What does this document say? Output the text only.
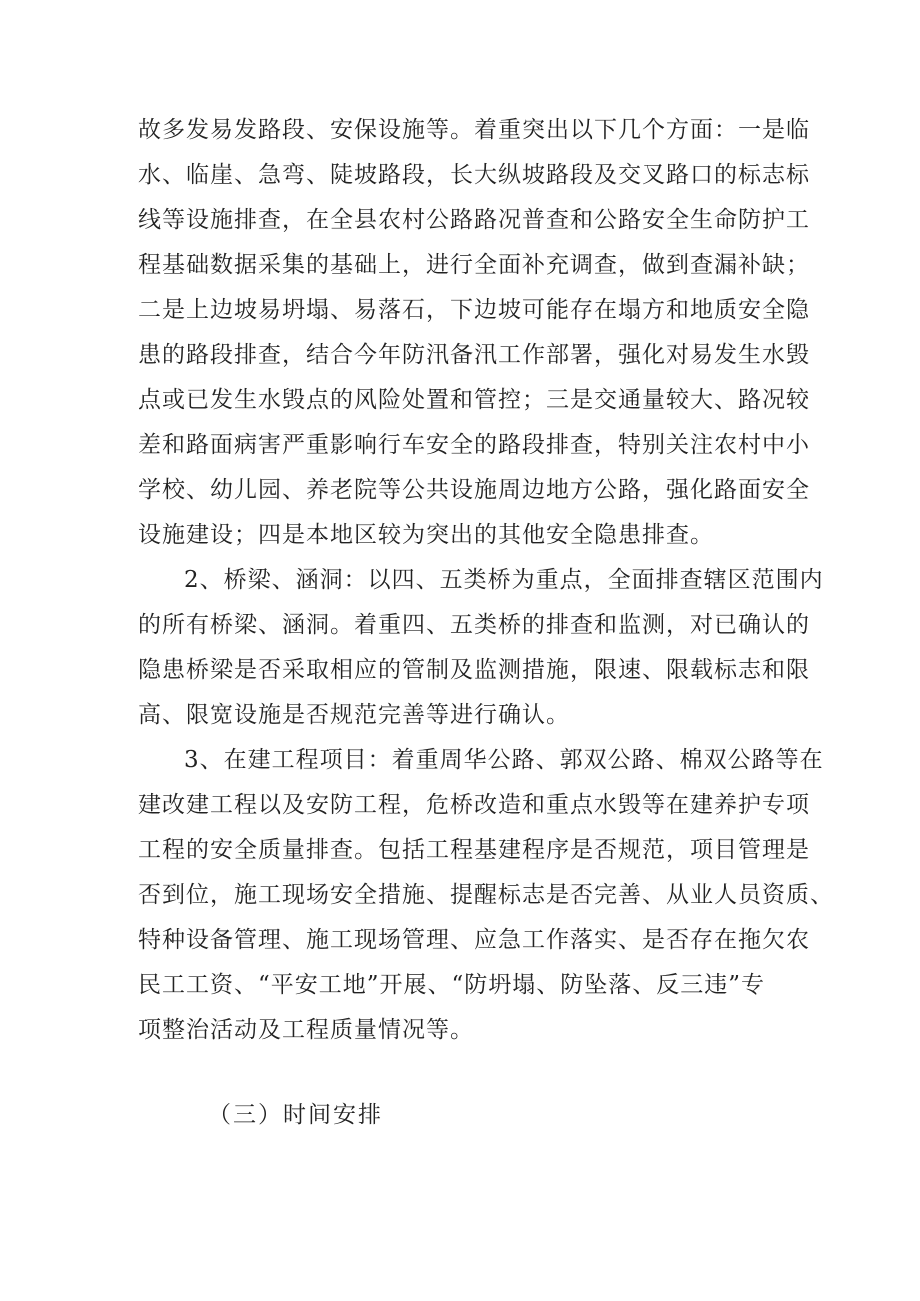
故多发易发路段、安保设施等。着重突出以下几个方面：一是临
水、临崖、急弯、陡坡路段，长大纵坡路段及交叉路口的标志标
线等设施排查，在全县农村公路路况普查和公路安全生命防护工
程基础数据采集的基础上，进行全面补充调查，做到查漏补缺；
二是上边坡易坍塌、易落石，下边坡可能存在塌方和地质安全隐
患的路段排查，结合今年防汛备汛工作部署，强化对易发生水毁
点或已发生水毁点的风险处置和管控；三是交通量较大、路况较
差和路面病害严重影响行车安全的路段排查，特别关注农村中小
学校、幼儿园、养老院等公共设施周边地方公路，强化路面安全
设施建设；四是本地区较为突出的其他安全隐患排查。
2、桥梁、涵洞：以四、五类桥为重点，全面排查辖区范围内
的所有桥梁、涵洞。着重四、五类桥的排查和监测，对已确认的
隐患桥梁是否采取相应的管制及监测措施，限速、限载标志和限
高、限宽设施是否规范完善等进行确认。
3、在建工程项目：着重周华公路、郭双公路、棉双公路等在
建改建工程以及安防工程，危桥改造和重点水毁等在建养护专项
工程的安全质量排查。包括工程基建程序是否规范，项目管理是
否到位，施工现场安全措施、提醒标志是否完善、从业人员资质、
特种设备管理、施工现场管理、应急工作落实、是否存在拖欠农
民工工资、“平安工地”开展、“防坍塌、防坠落、反三违”专
项整治活动及工程质量情况等。
（三）时间安排
